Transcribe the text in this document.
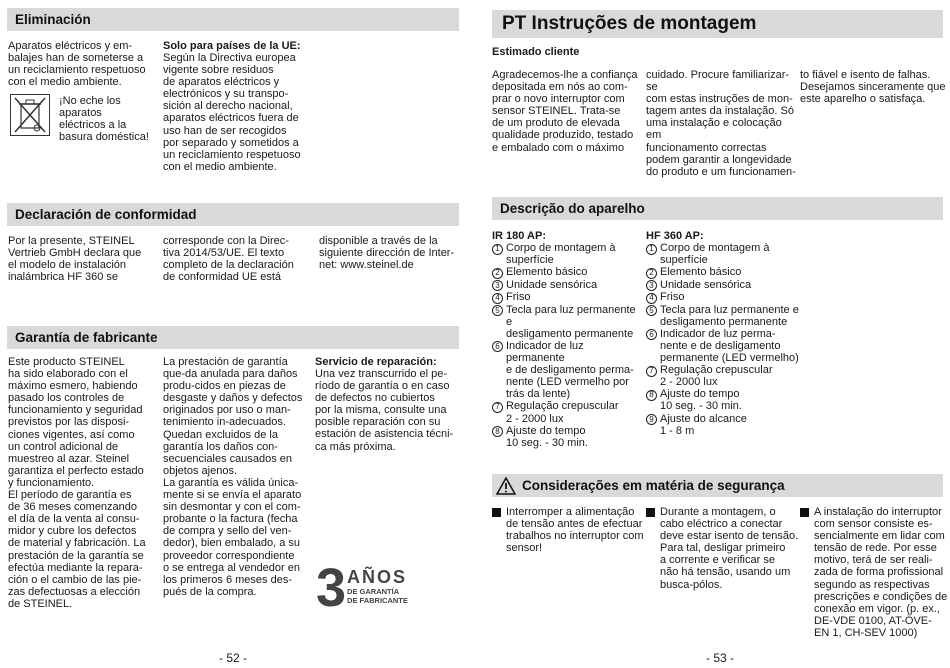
Eliminación
Aparatos eléctricos y em-
balajes han de someterse a
un reciclamiento respetuoso
con el medio ambiente.
¡No eche los
aparatos
eléctricos a la
basura doméstica!
Solo para países de la UE:
Según la Directiva europea
vigente sobre residuos
de aparatos eléctricos y
electrónicos y su transpo-
sición al derecho nacional,
aparatos eléctricos fuera de
uso han de ser recogidos
por separado y sometidos a
un reciclamiento respetuoso
con el medio ambiente.
Declaración de conformidad
Por la presente, STEINEL
Vertrieb GmbH declara que
el modelo de instalación
inalámbrica HF 360 se
corresponde con la Direc-
tiva 2014/53/UE. El texto
completo de la declaración
de conformidad UE está
disponible a través de la
siguiente dirección de Inter-
net: www.steinel.de
Garantía de fabricante
Este producto STEINEL
ha sido elaborado con el
máximo esmero, habiendo
pasado los controles de
funcionamiento y seguridad
previstos por las disposi-
ciones vigentes, así como
un control adicional de
muestreo al azar. Steinel
garantiza el perfecto estado
y funcionamiento.
El período de garantía es
de 36 meses comenzando
el día de la venta al consu-
midor y cubre los defectos
de material y fabricación. La
prestación de la garantía se
efectúa mediante la repara-
ción o el cambio de las pie-
zas defectuosas a elección
de STEINEL.
La prestación de garantía
que-da anulada para daños
produ-cidos en piezas de
desgaste y daños y defectos
originados por uso o man-
tenimiento in-adecuados.
Quedan excluidos de la
garantía los daños con-
secuenciales causados en
objetos ajenos.
La garantía es válida única-
mente si se envía el aparato
sin desmontar y con el com-
probante o la factura (fecha
de compra y sello del ven-
dedor), bien embalado, a su
proveedor correspondiente
o se entrega al vendedor en
los primeros 6 meses des-
pués de la compra.
Servicio de reparación:
Una vez transcurrido el pe-
ríodo de garantía o en caso
de defectos no cubiertos
por la misma, consulte una
posible reparación con su
estación de asistencia técni-
ca más próxima.
3 AÑOS
DE GARANTÍA
DE FABRICANTE
- 52 -
PT Instruções de montagem
Estimado cliente
Agradecemos-lhe a confiança
depositada em nós ao com-
prar o novo interruptor com
sensor STEINEL. Trata-se
de um produto de elevada
qualidade produzido, testado
e embalado com o máximo
cuidado. Procure familiarizar-se
com estas instruções de mon-
tagem antes da instalação. Só
uma instalação e colocação em
funcionamento correctas
podem garantir a longevidade
do produto e um funcionamen-
to fiável e isento de falhas.
Desejamos sinceramente que
este aparelho o satisfaça.
Descrição do aparelho
IR 180 AP:
1 Corpo de montagem à
superfície
2 Elemento básico
3 Unidade sensórica
4 Friso
5 Tecla para luz permanente e
desligamento permanente
6 Indicador de luz permanente
e de desligamento perma-
nente (LED vermelho por
trás da lente)
7 Regulação crepuscular
2 - 2000 lux
8 Ajuste do tempo
10 seg. - 30 min.
HF 360 AP:
1 Corpo de montagem à
superfície
2 Elemento básico
3 Unidade sensórica
4 Friso
5 Tecla para luz permanente e
desligamento permanente
6 Indicador de luz perma-
nente e de desligamento
permanente (LED vermelho)
7 Regulação crepuscular
2 - 2000 lux
8 Ajuste do tempo
10 seg. - 30 min.
9 Ajuste do alcance
1 - 8 m
Considerações em matéria de segurança
Interromper a alimentação
de tensão antes de efectuar
trabalhos no interruptor com
sensor!
Durante a montagem, o
cabo eléctrico a conectar
deve estar isento de tensão.
Para tal, desligar primeiro
a corrente e verificar se
não há tensão, usando um
busca-pólos.
A instalação do interruptor
com sensor consiste es-
sencialmente em lidar com
tensão de rede. Por esse
motivo, terá de ser reali-
zada de forma profissional
segundo as respectivas
prescrições e condições de
conexão em vigor. (p. ex.,
DE-VDE 0100, AT-ÖVE-
EN 1, CH-SEV 1000)
- 53 -
